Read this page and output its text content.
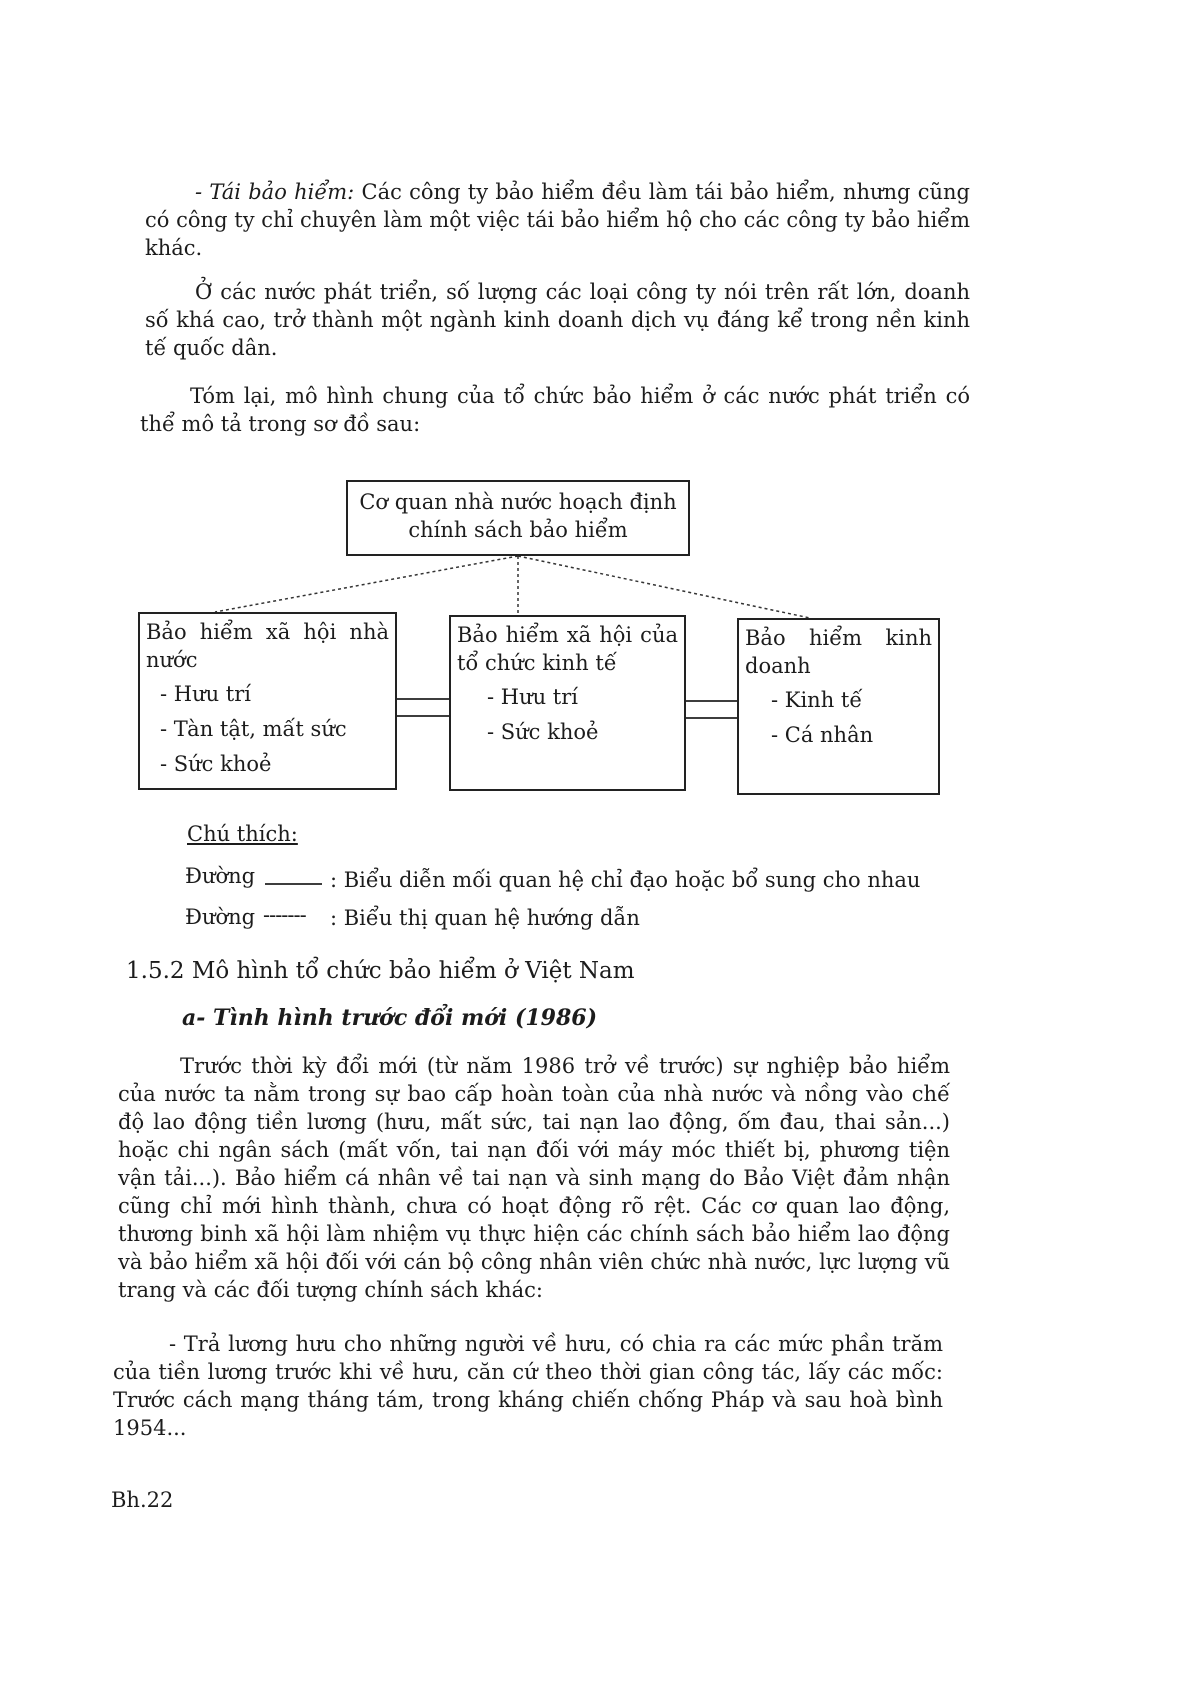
- Tái bảo hiểm: Các công ty bảo hiểm đều làm tái bảo hiểm, nhưng cũng có công ty chỉ chuyên làm một việc tái bảo hiểm hộ cho các công ty bảo hiểm khác.

Ở các nước phát triển, số lượng các loại công ty nói trên rất lớn, doanh số khá cao, trở thành một ngành kinh doanh dịch vụ đáng kể trong nền kinh tế quốc dân.

Tóm lại, mô hình chung của tổ chức bảo hiểm ở các nước phát triển có thể mô tả trong sơ đồ sau:

Cơ quan nhà nước hoạch định
chính sách bảo hiểm
Bảo hiểm xã hội nhà nước
- Hưu trí
- Tàn tật, mất sức
- Sức khoẻ
Bảo hiểm xã hội của tổ chức kinh tế
- Hưu trí
- Sức khoẻ
Bảo hiểm kinh doanh
- Kinh tế
- Cá nhân
Chú thích:
Đường	: Biểu diễn mối quan hệ chỉ đạo hoặc bổ sung cho nhau
Đường ------- : Biểu thị quan hệ hướng dẫn
1.5.2 Mô hình tổ chức bảo hiểm ở Việt Nam
a- Tình hình trước đổi mới (1986)

Trước thời kỳ đổi mới (từ năm 1986 trở về trước) sự nghiệp bảo hiểm của nước ta nằm trong sự bao cấp hoàn toàn của nhà nước và nồng vào chế độ lao động tiền lương (hưu, mất sức, tai nạn lao động, ốm đau, thai sản...) hoặc chi ngân sách (mất vốn, tai nạn đối với máy móc thiết bị, phương tiện vận tải...). Bảo hiểm cá nhân về tai nạn và sinh mạng do Bảo Việt đảm nhận cũng chỉ mới hình thành, chưa có hoạt động rõ rệt. Các cơ quan lao động, thương binh xã hội làm nhiệm vụ thực hiện các chính sách bảo hiểm lao động và bảo hiểm xã hội đối với cán bộ công nhân viên chức nhà nước, lực lượng vũ trang và các đối tượng chính sách khác:

- Trả lương hưu cho những người về hưu, có chia ra các mức phần trăm của tiền lương trước khi về hưu, căn cứ theo thời gian công tác, lấy các mốc: Trước cách mạng tháng tám, trong kháng chiến chống Pháp và sau hoà bình 1954...

Bh.22
